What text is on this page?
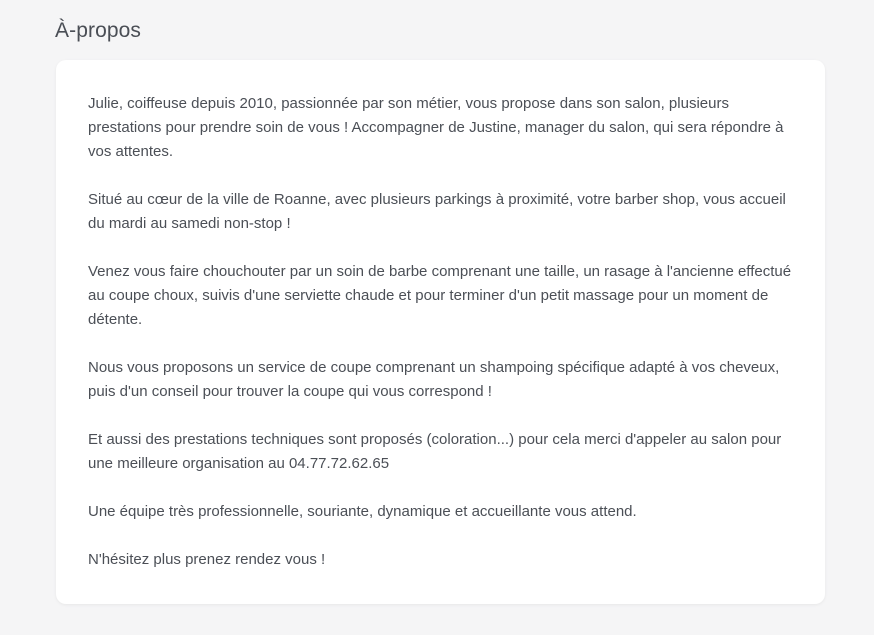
À-propos

Julie, coiffeuse depuis 2010, passionnée par son métier, vous propose dans son salon, plusieurs prestations pour prendre soin de vous ! Accompagner de Justine, manager du salon, qui sera répondre à vos attentes.

Situé au cœur de la ville de Roanne, avec plusieurs parkings à proximité, votre barber shop, vous accueil du mardi au samedi non-stop !

Venez vous faire chouchouter par un soin de barbe comprenant une taille, un rasage à l'ancienne effectué au coupe choux, suivis d'une serviette chaude et pour terminer d'un petit massage pour un moment de détente.

Nous vous proposons un service de coupe comprenant un shampoing spécifique adapté à vos cheveux, puis d'un conseil pour trouver la coupe qui vous correspond !

Et aussi des prestations techniques sont proposés (coloration...) pour cela merci d'appeler au salon pour une meilleure organisation au 04.77.72.62.65

Une équipe très professionnelle, souriante, dynamique et accueillante vous attend.

N'hésitez plus prenez rendez vous !
